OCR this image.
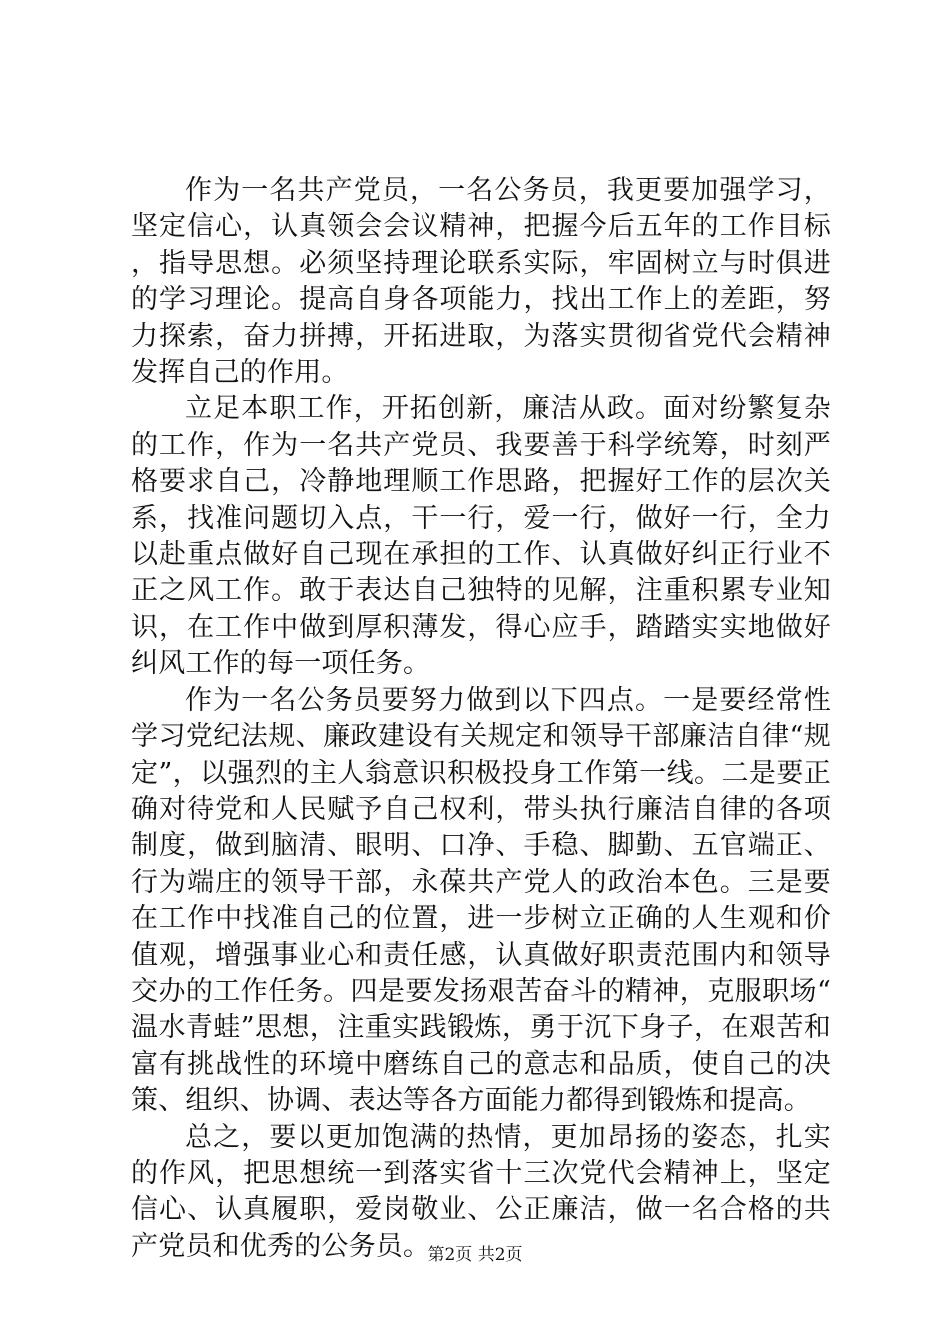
作为一名共产党员，一名公务员，我更要加强学习，坚定信心，认真领会会议精神，把握今后五年的工作目标，指导思想。必须坚持理论联系实际，牢固树立与时俱进的学习理论。提高自身各项能力，找出工作上的差距，努力探索，奋力拼搏，开拓进取，为落实贯彻省党代会精神发挥自己的作用。

立足本职工作，开拓创新，廉洁从政。面对纷繁复杂的工作，作为一名共产党员、我要善于科学统筹，时刻严格要求自己，冷静地理顺工作思路，把握好工作的层次关系，找准问题切入点，干一行，爱一行，做好一行，全力以赴重点做好自己现在承担的工作、认真做好纠正行业不正之风工作。敢于表达自己独特的见解，注重积累专业知识，在工作中做到厚积薄发，得心应手，踏踏实实地做好纠风工作的每一项任务。

作为一名公务员要努力做到以下四点。一是要经常性学习党纪法规、廉政建设有关规定和领导干部廉洁自律“规定”，以强烈的主人翁意识积极投身工作第一线。二是要正确对待党和人民赋予自己权利，带头执行廉洁自律的各项制度，做到脑清、眼明、口净、手稳、脚勤、五官端正、行为端庄的领导干部，永葆共产党人的政治本色。三是要在工作中找准自己的位置，进一步树立正确的人生观和价值观，增强事业心和责任感，认真做好职责范围内和领导交办的工作任务。四是要发扬艰苦奋斗的精神，克服职场“温水青蛙”思想，注重实践锻炼，勇于沉下身子，在艰苦和富有挑战性的环境中磨练自己的意志和品质，使自己的决策、组织、协调、表达等各方面能力都得到锻炼和提高。

总之，要以更加饱满的热情，更加昂扬的姿态，扎实的作风，把思想统一到落实省十三次党代会精神上，坚定信心、认真履职，爱岗敬业、公正廉洁，做一名合格的共产党员和优秀的公务员。

第2页 共2页
